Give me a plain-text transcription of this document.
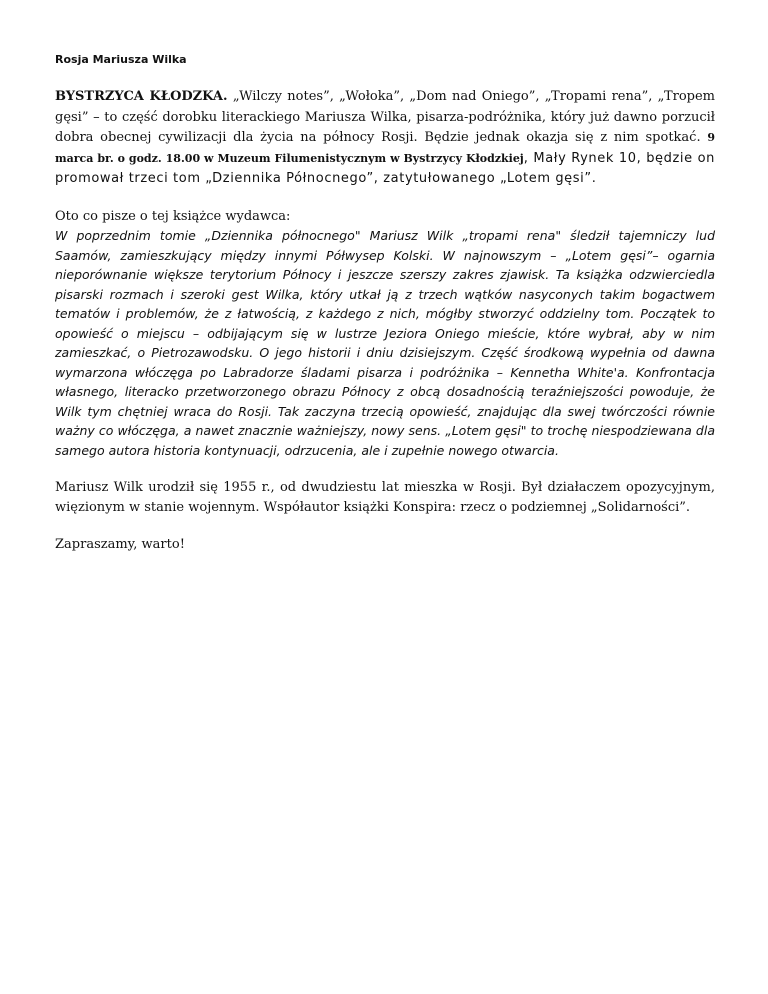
Rosja Mariusza Wilka

BYSTRZYCA KŁODZKA. „Wilczy notes”, „Wołoka”, „Dom nad Oniego”, „Tropami rena”, „Tropem gęsi” – to część dorobku literackiego Mariusza Wilka, pisarza-podróżnika, który już dawno porzucił dobra obecnej cywilizacji dla życia na północy Rosji. Będzie jednak okazja się z nim spotkać. 9 marca br. o godz. 18.00 w Muzeum Filumenistycznym w Bystrzycy Kłodzkiej, Mały Rynek 10, będzie on promował trzeci tom „Dziennika Północnego”, zatytułowanego „Lotem gęsi”.

Oto co pisze o tej książce wydawca:

W poprzednim tomie „Dziennika północnego" Mariusz Wilk „tropami rena" śledził tajemniczy lud Saamów, zamieszkujący między innymi Półwysep Kolski. W najnowszym – „Lotem gęsi”– ogarnia nieporównanie większe terytorium Północy i jeszcze szerszy zakres zjawisk. Ta książka odzwierciedla pisarski rozmach i szeroki gest Wilka, który utkał ją z trzech wątków nasyconych takim bogactwem tematów i problemów, że z łatwością, z każdego z nich, mógłby stworzyć oddzielny tom. Początek to opowieść o miejscu – odbijającym się w lustrze Jeziora Oniego mieście, które wybrał, aby w nim zamieszkać, o Pietrozawodsku. O jego historii i dniu dzisiejszym. Część środkową wypełnia od dawna wymarzona włóczęga po Labradorze śladami pisarza i podróżnika – Kennetha White'a. Konfrontacja własnego, literacko przetworzonego obrazu Północy z obcą dosadnością teraźniejszości powoduje, że Wilk tym chętniej wraca do Rosji. Tak zaczyna trzecią opowieść, znajdując dla swej twórczości równie ważny co włóczęga, a nawet znacznie ważniejszy, nowy sens. „Lotem gęsi" to trochę niespodziewana dla samego autora historia kontynuacji, odrzucenia, ale i zupełnie nowego otwarcia.

Mariusz Wilk urodził się 1955 r., od dwudziestu lat mieszka w Rosji. Był działaczem opozycyjnym, więzionym w stanie wojennym. Współautor książki Konspira: rzecz o podziemnej „Solidarności”.

Zapraszamy, warto!
